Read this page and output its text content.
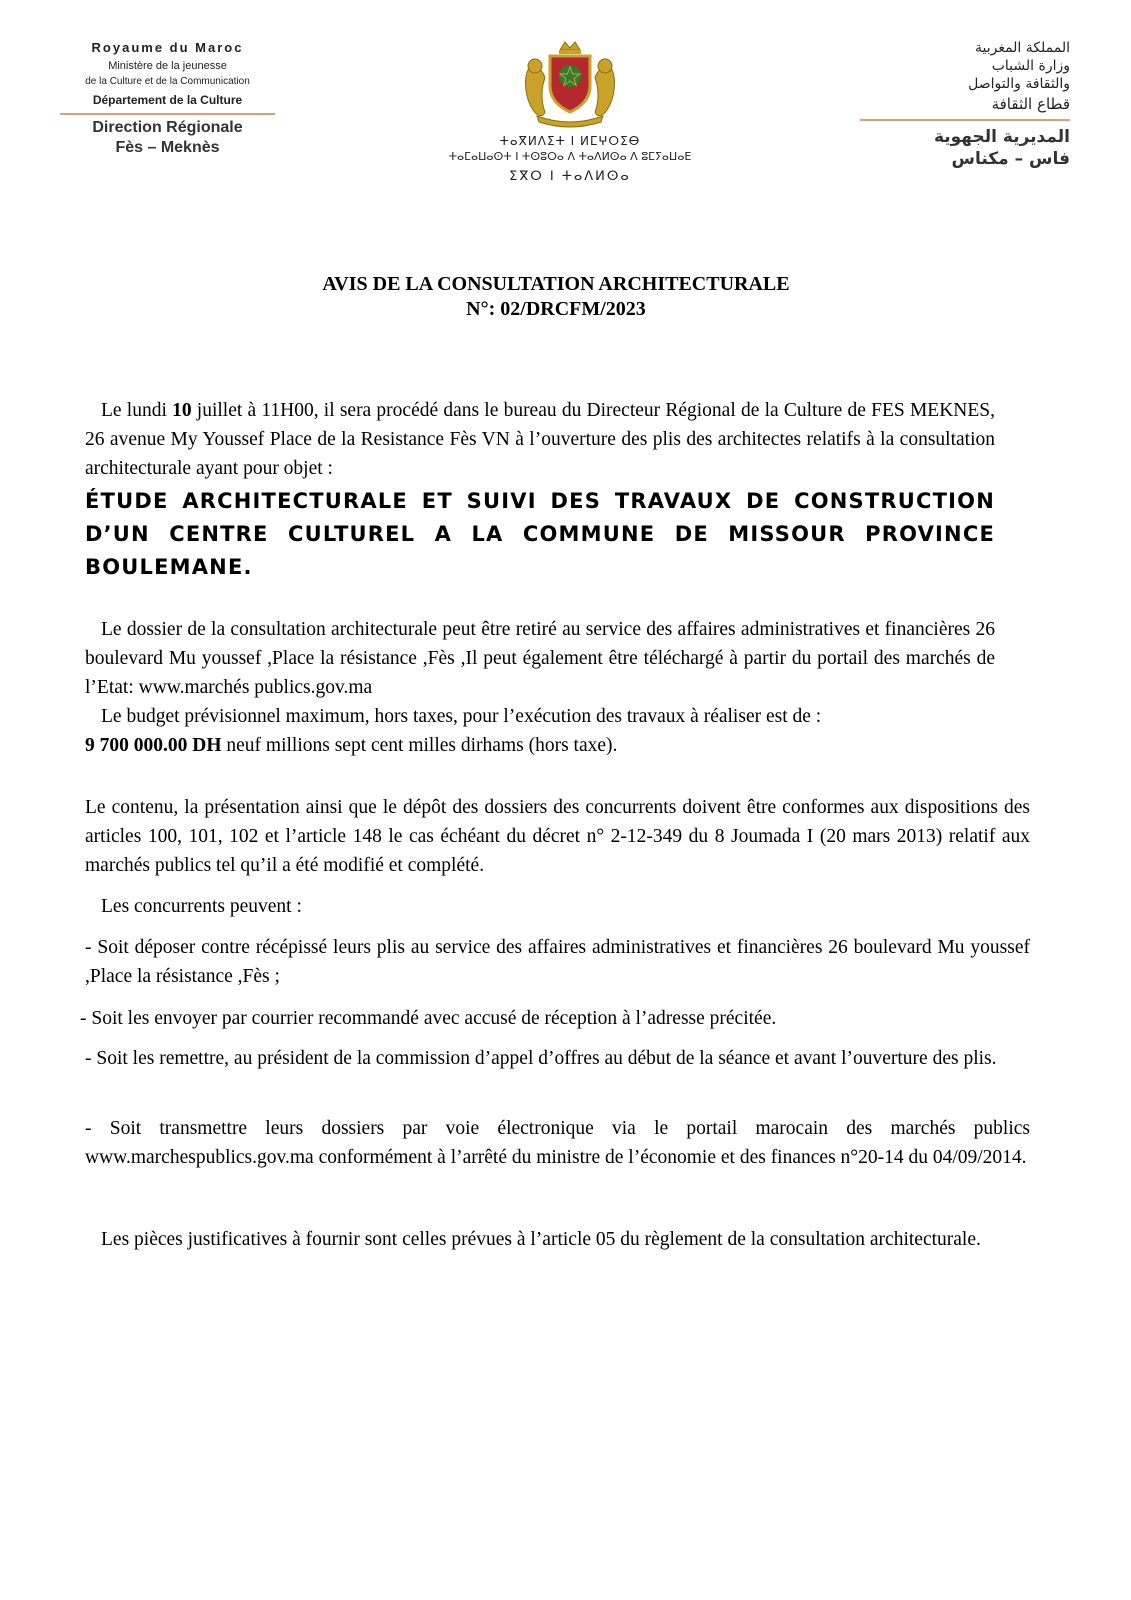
Royaume du Maroc
Ministère de la jeunesse
de la Culture et de la Communication
Département de la Culture
Direction Régionale
Fès – Meknès	ⵜⴰⴳⵍⴷⵉⵜ ⵏ ⵍⵎⵖⵔⵉⴱ
ⵜⴰⵎⴰⵡⴰⵙⵜ ⵏ ⵜⵙⵓⵔⴰ ⴷ ⵜⴰⴷⵍⵙⴰ ⴷ ⵓⵎⵢⴰⵡⴰⴹ
ⵉⴳⵔ ⵏ ⵜⴰⴷⵍⵙⴰ
المملكة المغربية
وزارة الشباب
والثقافة والتواصل
قطاع الثقافة
المديرية الجهوية
فاس – مكناس
AVIS DE LA CONSULTATION ARCHITECTURALE
N°: 02/DRCFM/2023

Le lundi 10 juillet à 11H00, il sera procédé dans le bureau du Directeur Régional de la Culture de FES MEKNES, 26 avenue My Youssef Place de la Resistance Fès VN à l’ouverture des plis des architectes relatifs à la consultation architecturale ayant pour objet :

ÉTUDE ARCHITECTURALE ET SUIVI DES TRAVAUX DE CONSTRUCTION D’UN CENTRE CULTUREL A LA COMMUNE DE MISSOUR PROVINCE BOULEMANE.

Le dossier de la consultation architecturale peut être retiré au service des affaires administratives et financières 26 boulevard Mu youssef ,Place la résistance ,Fès ,Il peut également être téléchargé à partir du portail des marchés de l’Etat: www.marchés publics.gov.ma

Le budget prévisionnel maximum, hors taxes, pour l’exécution des travaux à réaliser est de :

9 700 000.00 DH neuf millions sept cent milles dirhams (hors taxe).

Le contenu, la présentation ainsi que le dépôt des dossiers des concurrents doivent être conformes aux dispositions des articles 100, 101, 102 et l’article 148 le cas échéant du décret n° 2-12-349 du 8 Joumada I (20 mars 2013) relatif aux marchés publics tel qu’il a été modifié et complété.

Les concurrents peuvent :

- Soit déposer contre récépissé leurs plis au service des affaires administratives et financières 26 boulevard Mu youssef ,Place la résistance ,Fès ;

- Soit les envoyer par courrier recommandé avec accusé de réception à l’adresse précitée.

- Soit les remettre, au président de la commission d’appel d’offres au début de la séance et avant l’ouverture des plis.

- Soit transmettre leurs dossiers par voie électronique via le portail marocain des marchés publics www.marchespublics.gov.ma conformément à l’arrêté du ministre de l’économie et des finances n°20-14 du 04/09/2014.

Les pièces justificatives à fournir sont celles prévues à l’article 05 du règlement de la consultation architecturale.
